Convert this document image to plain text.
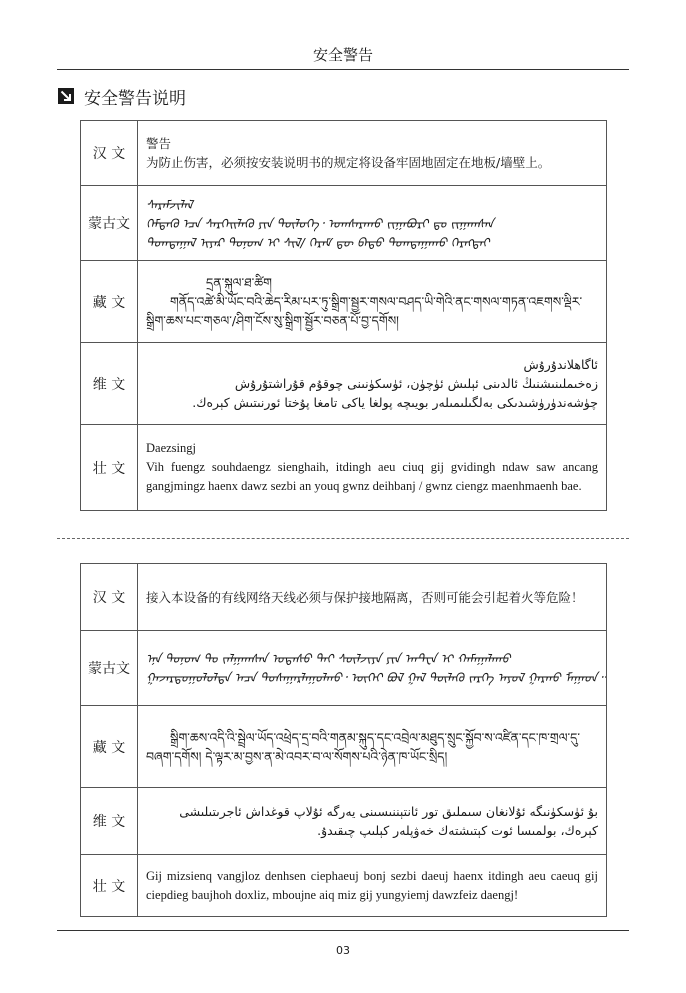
安全警告
安全警告说明
汉 文	警告
为防止伤害，必须按安装说明书的规定将设备牢固地固定在地板/墙壁上。

蒙古文	ᠰᠡᠷᠡᠮᠵᠢᠯᠡᠯ
ᠭᠡᠮᠲᠡᠬᠦ ᠡᠴᠡ ᠰᠡᠷᠭᠡᠢᠯᠡᠬᠦ ᠶᠢᠨ ᠲᠥᠯᠦᠭᠡ᠂ ᠤᠭᠰᠠᠷᠠᠬᠤ ᠵᠢᠭᠠᠪᠤᠷᠢ ᠳᠤ ᠵᠢᠭᠠᠭᠰᠠᠨ
ᠲᠣᠭᠲᠠᠭᠠᠯ ᠢᠶᠠᠷ ᠲᠣᠨᠤᠭ ᠢ ᠰᠢᠯ/ ᠬᠡᠷᠡᠮ ᠳᠦ ᠪᠠᠲᠤ ᠲᠣᠭᠲᠠᠭᠠᠬᠤ ᠬᠡᠷᠡᠭᠲᠡᠢ

藏 文	དྲན་སྐུལ་ཐ་ཚིག
གནོད་འཚེ་མི་ཡོང་བའི་ཆེད་རིམ་པར་ཏུ་སྒྲིག་སྦྱར་གསལ་བཤད་ཡི་གེའི་ནང་གསལ་གཏན་འཇགས་ལྡིར་སྒྲིག་ཆས་པང་གཅལ་/ཤིག་ངོས་སུ་སྒྲིག་སྦྱོར་བཅན་པོ་བྱ་དགོས།

维 文	ئاگاھلاندۇرۇش
زەخىملىنىشنىڭ ئالدىنى ئېلىش ئۈچۈن، ئۈسكۈنىنى چوقۇم قۇراشتۇرۇش چۈشەندۈرۈشىدىكى بەلگىلىمىلەر بويىچە پولغا ياكى تامغا پۇختا ئورنىتىش كېرەك.

壮 文	Daezsingj
Vih fuengz souhdaengz sienghaih, itdingh aeu ciuq gij gvidingh ndaw saw ancang gangjmingz haenx dawz sezbi an youq gwnz deihbanj / gwnz ciengz maenhmaenh bae.
汉 文	接入本设备的有线网络天线必须与保护接地隔离，否则可能会引起着火等危险！

蒙古文	ᠡᠨᠡ ᠲᠣᠨᠤᠭ ᠲᠤ ᠵᠠᠯᠭᠠᠭᠰᠠᠨ ᠤᠲᠠᠰᠤ ᠲᠠᠢ ᠰᠦᠯᠵᠢᠶᠡ ᠶᠢᠨ ᠠᠨᠲ᠋ᠧᠨ ᠢ ᠬᠠᠮᠠᠭᠠᠯᠠᠬᠤ
ᠭᠠᠵᠠᠷᠳᠤᠭᠤᠯᠤᠯᠲᠠ ᠠᠴᠠ ᠲᠤᠰᠠᠭᠠᠷᠯᠠᠭᠤᠯᠬᠤ᠂ ᠦᠭᠡᠢ ᠪᠣᠯ ᠭᠠᠯ ᠲᠦᠯᠡᠬᠦ ᠵᠡᠷᠭᠡ ᠠᠶᠤᠯ ᠭᠠᠷᠬᠤ ᠮᠠᠭᠠᠳ᠃

藏 文	སྒྲིག་ཆས་འདི་འི་སྦྲེལ་ཡོད་འཕྲེད་དྲ་བའི་གནམ་སྐུད་དང་འབྲེལ་མཐུད་སྲུང་སྐྱོབ་ས་འཛིན་དང་ཁ་གྲལ་དུ་བཞག་དགོས། དེ་ལྟར་མ་བྱས་ན་མེ་འབར་བ་ལ་སོགས་པའི་ཉེན་ཁ་ཡོང་སྲིད།

维 文	بۇ ئۈسكۈنىگە ئۇلانغان سىملىق تور ئانتېننىسىنى يەرگە ئۇلاپ قوغداش ئاجرىتىلىشى كېرەك، بولمىسا ئوت كېتىشتەك خەۋپلەر كېلىپ چىقىدۇ.

壮 文	Gij mizsienq vangjloz denhsen ciephaeuj bonj sezbi daeuj haenx itdingh aeu caeuq gij ciepdieg baujhoh doxliz, mboujne aiq miz gij yungyiemj dawzfeiz daengj!
03
